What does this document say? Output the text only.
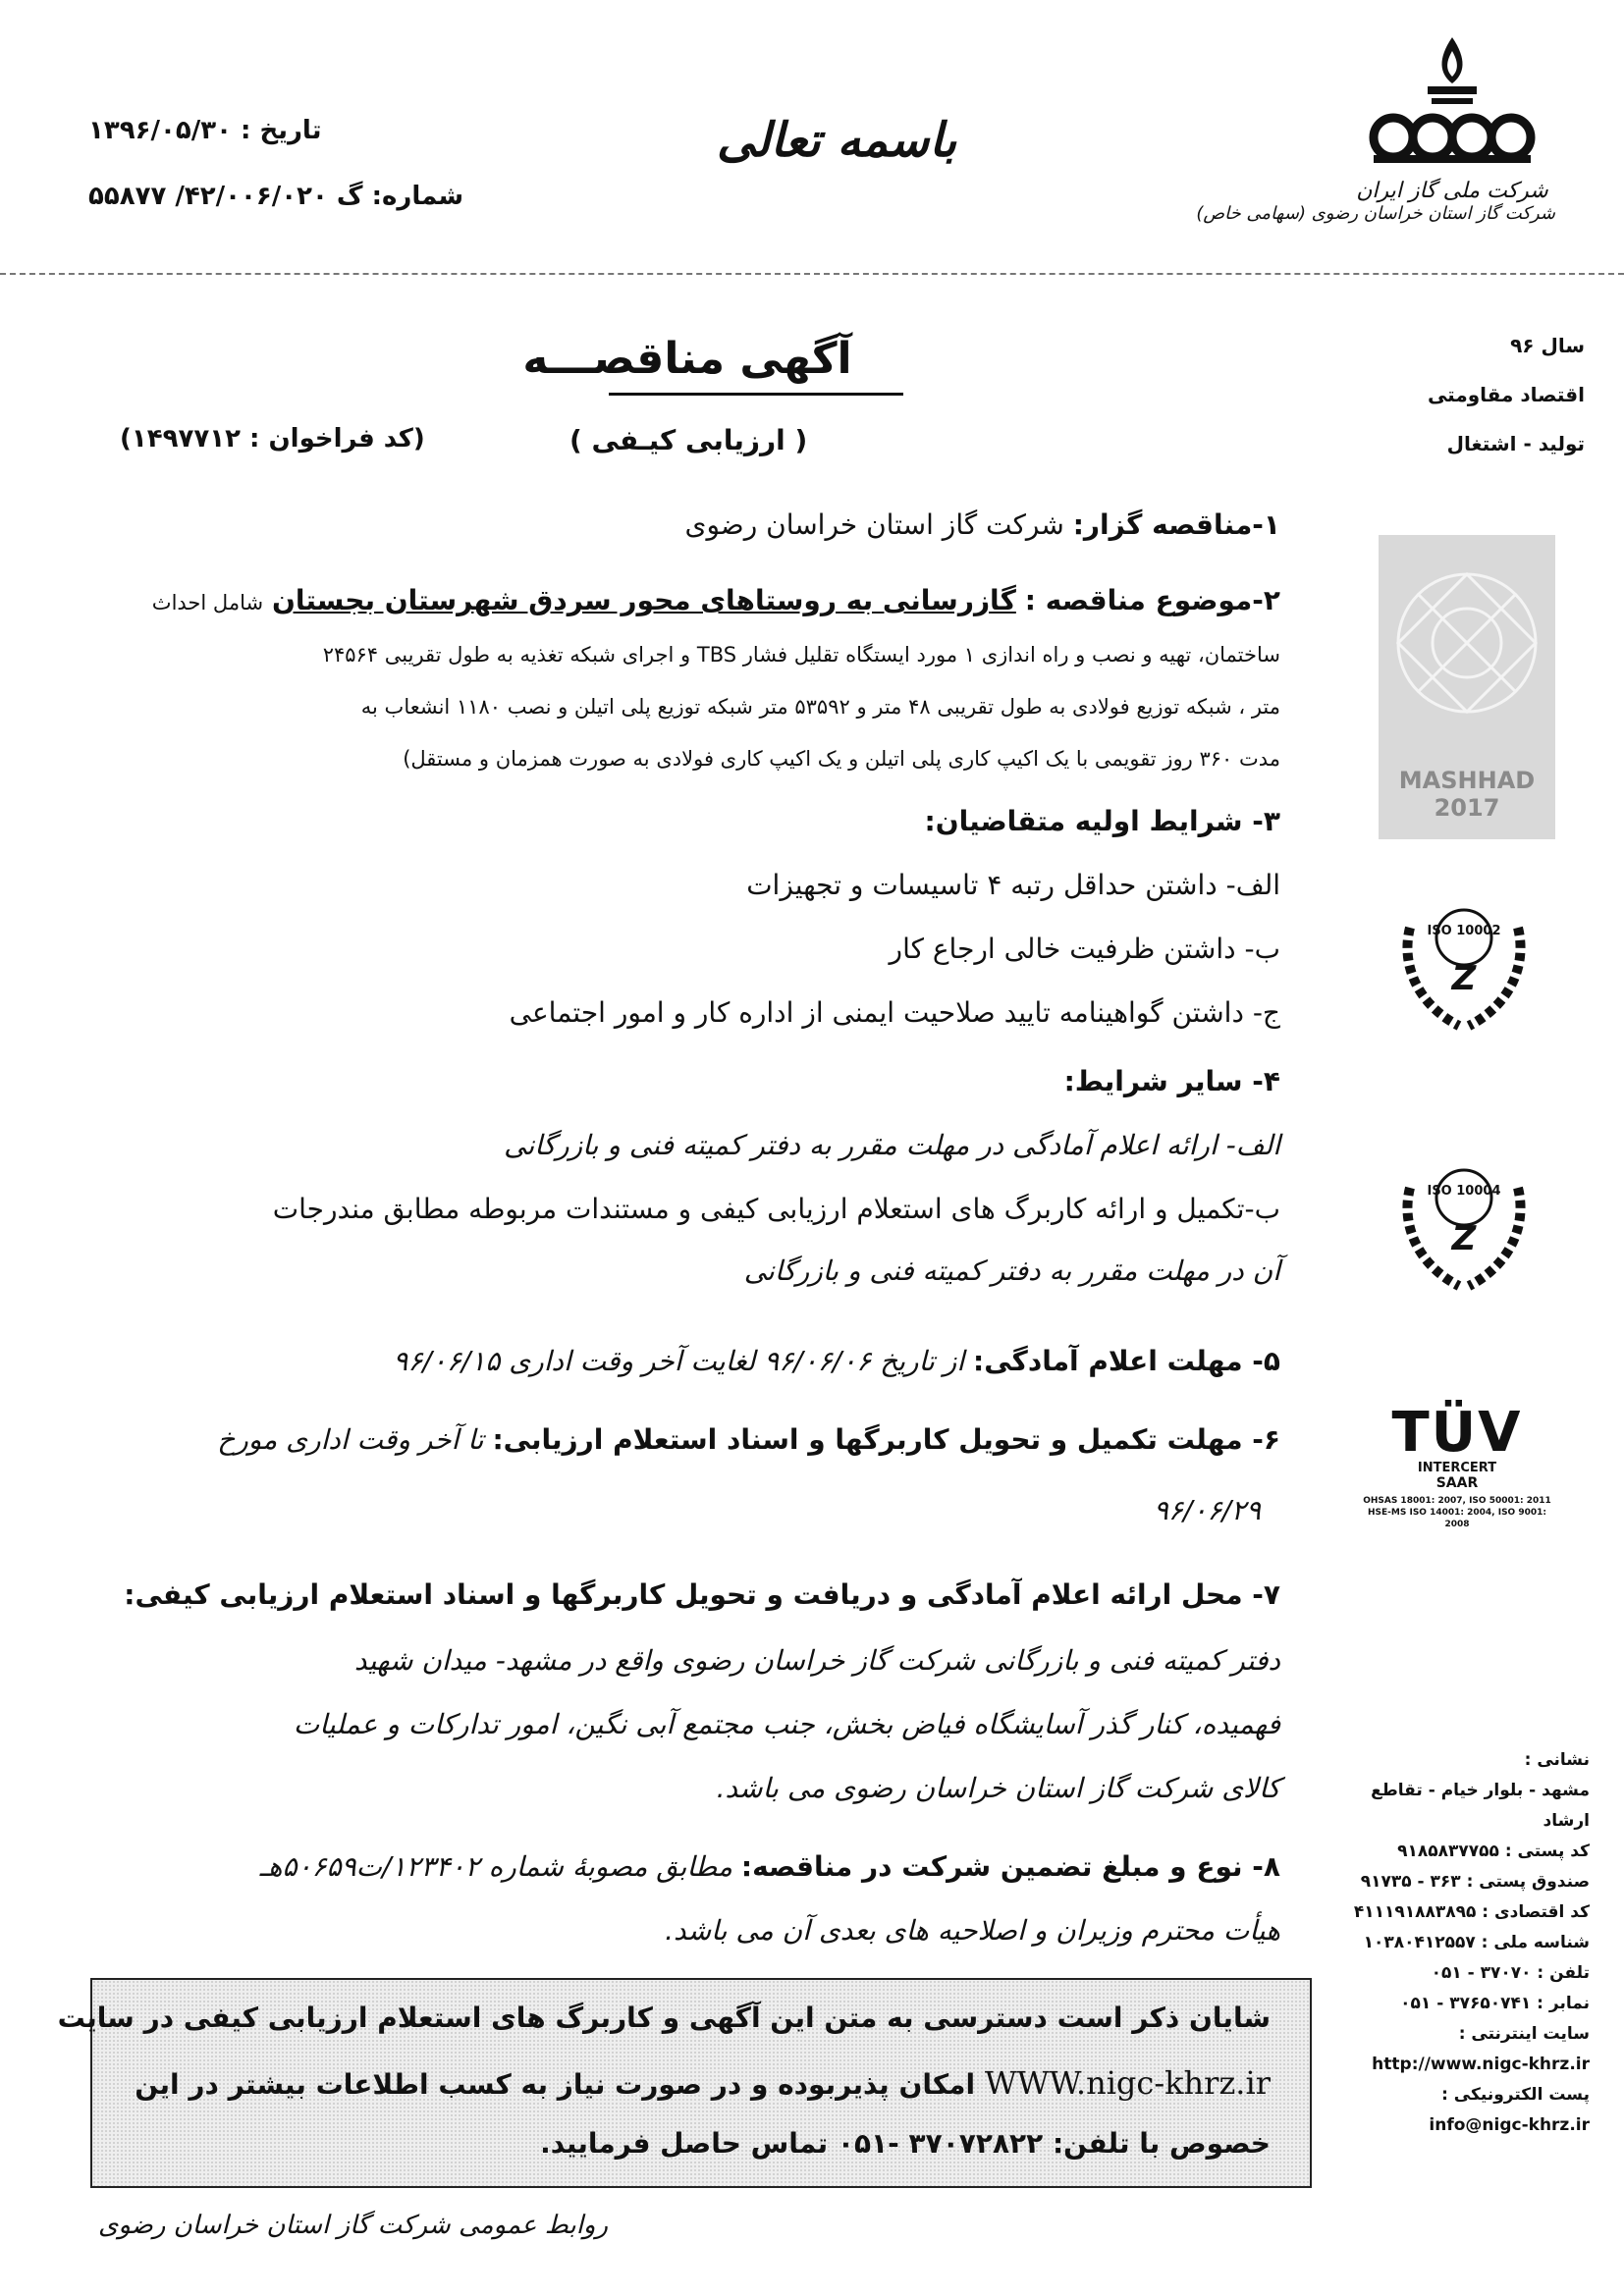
شرکت ملی گاز ایران
شرکت گاز استان خراسان رضوی (سهامی خاص)
باسمه تعالی
تاریخ : ۱۳۹۶/۰۵/۳۰
شماره: گ ۴۲/۰۰۶/۰۲۰/ ۵۵۸۷۷
سال ۹۶
اقتصاد مقاومتی
تولید - اشتغال
MASHHAD 2017
ISO 10002
Z
ISO 10004
Z
TÜV
INTERCERT
SAAR
OHSAS 18001: 2007, ISO 50001: 2011
HSE-MS ISO 14001: 2004, ISO 9001: 2008
نشانی :
مشهد - بلوار خیام - تقاطع ارشاد
کد پستی : ۹۱۸۵۸۳۷۷۵۵
صندوق پستی : ۳۶۳ - ۹۱۷۳۵
کد اقتصادی : ۴۱۱۱۹۱۸۸۳۸۹۵
شناسه ملی : ۱۰۳۸۰۴۱۲۵۵۷
تلفن : ۳۷۰۷۰ - ۰۵۱
نمابر : ۳۷۶۵۰۷۴۱ - ۰۵۱
سایت اینترنتی :
http://www.nigc-khrz.ir
پست الکترونیکی :
info@nigc-khrz.ir
آگهی مناقصـــه
( ارزیابی کیـفی )
(کد فراخوان : ۱۴۹۷۷۱۲)
۱-مناقصه گزار: شرکت گاز استان خراسان رضوی
۲-موضوع مناقصه : گازرسانی به روستاهای محور سردق شهرستان بجستان شامل احداث
ساختمان، تهیه و نصب و راه اندازی ۱ مورد ایستگاه تقلیل فشار TBS و اجرای شبکه تغذیه به طول تقریبی ۲۴۵۶۴
متر ، شبکه توزیع فولادی به طول تقریبی ۴۸ متر و ۵۳۵۹۲ متر شبکه توزیع پلی اتیلن و نصب ۱۱۸۰ انشعاب به
مدت ۳۶۰ روز تقویمی با یک اکیپ کاری پلی اتیلن و یک اکیپ کاری فولادی به صورت همزمان و مستقل)
۳- شرایط اولیه متقاضیان:
الف- داشتن حداقل رتبه ۴ تاسیسات و تجهیزات
ب- داشتن ظرفیت خالی ارجاع کار
ج- داشتن گواهینامه تایید صلاحیت ایمنی از اداره کار و امور اجتماعی
۴- سایر شرایط:
الف- ارائه اعلام آمادگی در مهلت مقرر به دفتر کمیته فنی و بازرگانی
ب-تکمیل و ارائه کاربرگ های استعلام ارزیابی کیفی و مستندات مربوطه مطابق مندرجات
آن در مهلت مقرر به دفتر کمیته فنی و بازرگانی
۵- مهلت اعلام آمادگی: از تاریخ ۹۶/۰۶/۰۶ لغایت آخر وقت اداری ۹۶/۰۶/۱۵
۶- مهلت تکمیل و تحویل کاربرگها و اسناد استعلام ارزیابی: تا آخر وقت اداری مورخ
۹۶/۰۶/۲۹
۷- محل ارائه اعلام آمادگی و دریافت و تحویل کاربرگها و اسناد استعلام ارزیابی کیفی:
دفتر کمیته فنی و بازرگانی شرکت گاز خراسان رضوی واقع در مشهد- میدان شهید
فهمیده، کنار گذر آسایشگاه فیاض بخش، جنب مجتمع آبی نگین، امور تدارکات و عملیات
کالای شرکت گاز استان خراسان رضوی می باشد.
۸- نوع و مبلغ تضمین شرکت در مناقصه: مطابق مصوبهٔ شماره ۱۲۳۴۰۲/ت۵۰۶۵۹هـ
هیأت محترم وزیران و اصلاحیه های بعدی آن می باشد.
شایان ذکر است دسترسی به متن این آگهی و کاربرگ های استعلام ارزیابی کیفی در سایت
WWW.nigc-khrz.ir امکان پذیربوده و در صورت نیاز به کسب اطلاعات بیشتر در این
خصوص با تلفن: ۳۷۰۷۲۸۲۲ -۰۵۱ تماس حاصل فرمایید.
روابط عمومی شرکت گاز استان خراسان رضوی
